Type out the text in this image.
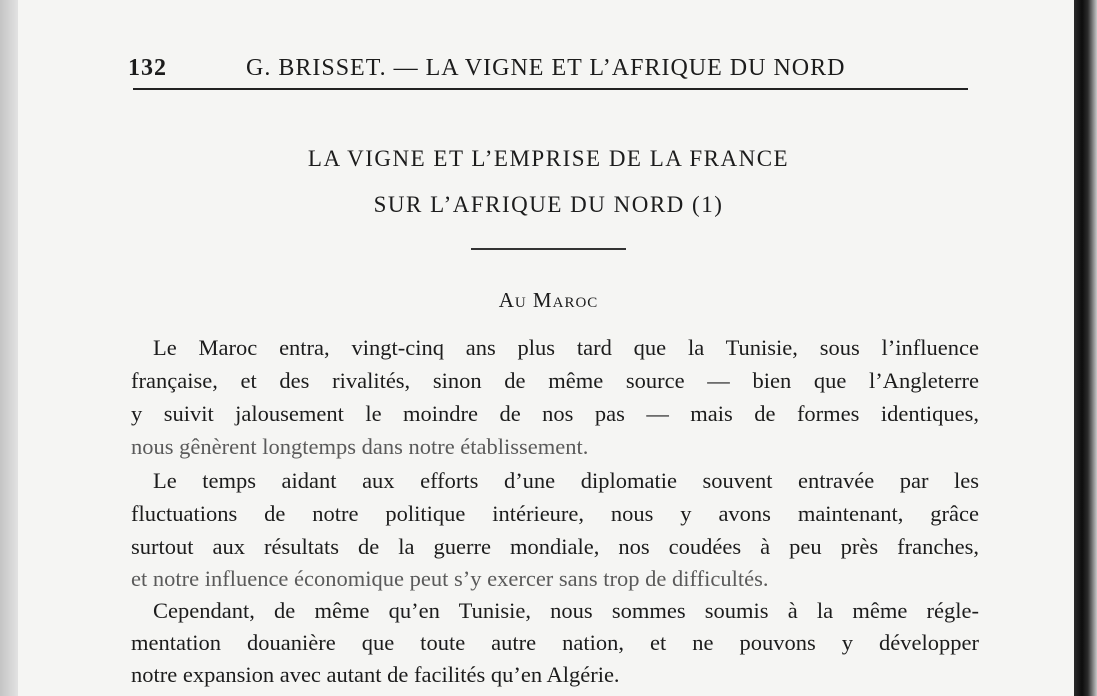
132	G. BRISSET. — LA VIGNE ET L’AFRIQUE DU NORD
LA VIGNE ET L’EMPRISE DE LA FRANCE
SUR L’AFRIQUE DU NORD (1)
Au Maroc
Le Maroc entra, vingt-cinq ans plus tard que la Tunisie, sous l’influence
française, et des rivalités, sinon de même source — bien que l’Angleterre
y suivit jalousement le moindre de nos pas — mais de formes identiques,
nous gênèrent longtemps dans notre établissement.
Le temps aidant aux efforts d’une diplomatie souvent entravée par les
fluctuations de notre politique intérieure, nous y avons maintenant, grâce
surtout aux résultats de la guerre mondiale, nos coudées à peu près franches,
et notre influence économique peut s’y exercer sans trop de difficultés.
Cependant, de même qu’en Tunisie, nous sommes soumis à la même régle-
mentation douanière que toute autre nation, et ne pouvons y développer
notre expansion avec autant de facilités qu’en Algérie.
